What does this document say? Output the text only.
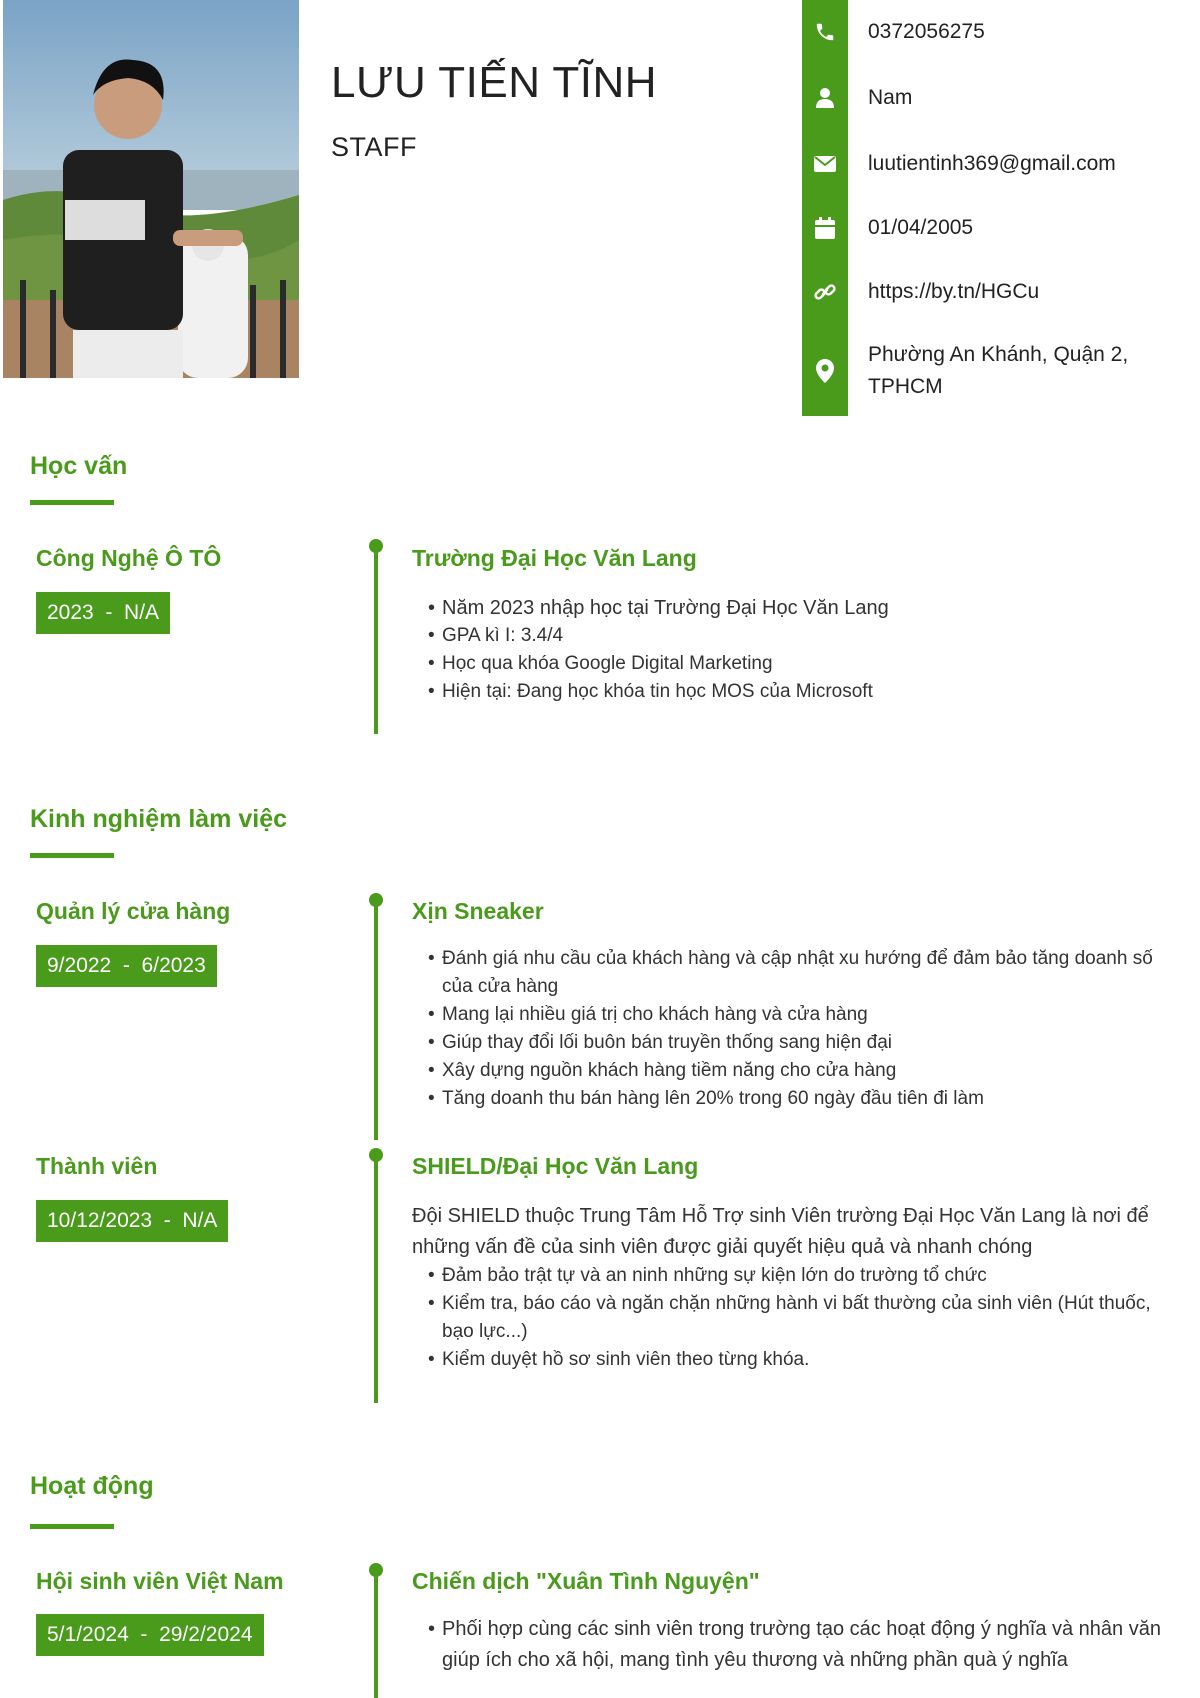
LƯU TIẾN TĨNH
STAFF
0372056275
Nam
luutientinh369@gmail.com
01/04/2005
https://by.tn/HGCu
Phường An Khánh, Quận 2, TPHCM
Học vấn
Công Nghệ Ô TÔ
2023  -  N/A
Trường Đại Học Văn Lang
• Năm 2023 nhập học tại Trường Đại Học Văn Lang
• GPA kì I: 3.4/4
• Học qua khóa Google Digital Marketing
• Hiện tại: Đang học khóa tin học MOS của Microsoft
Kinh nghiệm làm việc
Quản lý cửa hàng
9/2022  -  6/2023
Xịn Sneaker
• Đánh giá nhu cầu của khách hàng và cập nhật xu hướng để đảm bảo tăng doanh số của cửa hàng
• Mang lại nhiều giá trị cho khách hàng và cửa hàng
• Giúp thay đổi lối buôn bán truyền thống sang hiện đại
• Xây dựng nguồn khách hàng tiềm năng cho cửa hàng
• Tăng doanh thu bán hàng lên 20% trong 60 ngày đầu tiên đi làm
Thành viên
10/12/2023  -  N/A
SHIELD/Đại Học Văn Lang
Đội SHIELD thuộc Trung Tâm Hỗ Trợ sinh Viên trường Đại Học Văn Lang là nơi để những vấn đề của sinh viên được giải quyết hiệu quả và nhanh chóng
• Đảm bảo trật tự và an ninh những sự kiện lớn do trường tổ chức
• Kiểm tra, báo cáo và ngăn chặn những hành vi bất thường của sinh viên (Hút thuốc, bạo lực...)
• Kiểm duyệt hồ sơ sinh viên theo từng khóa.
Hoạt động
Hội sinh viên Việt Nam
5/1/2024  -  29/2/2024
Chiến dịch "Xuân Tình Nguyện"
• Phối hợp cùng các sinh viên trong trường tạo các hoạt động ý nghĩa và nhân văn giúp ích cho xã hội, mang tình yêu thương và những phần quà ý nghĩa
